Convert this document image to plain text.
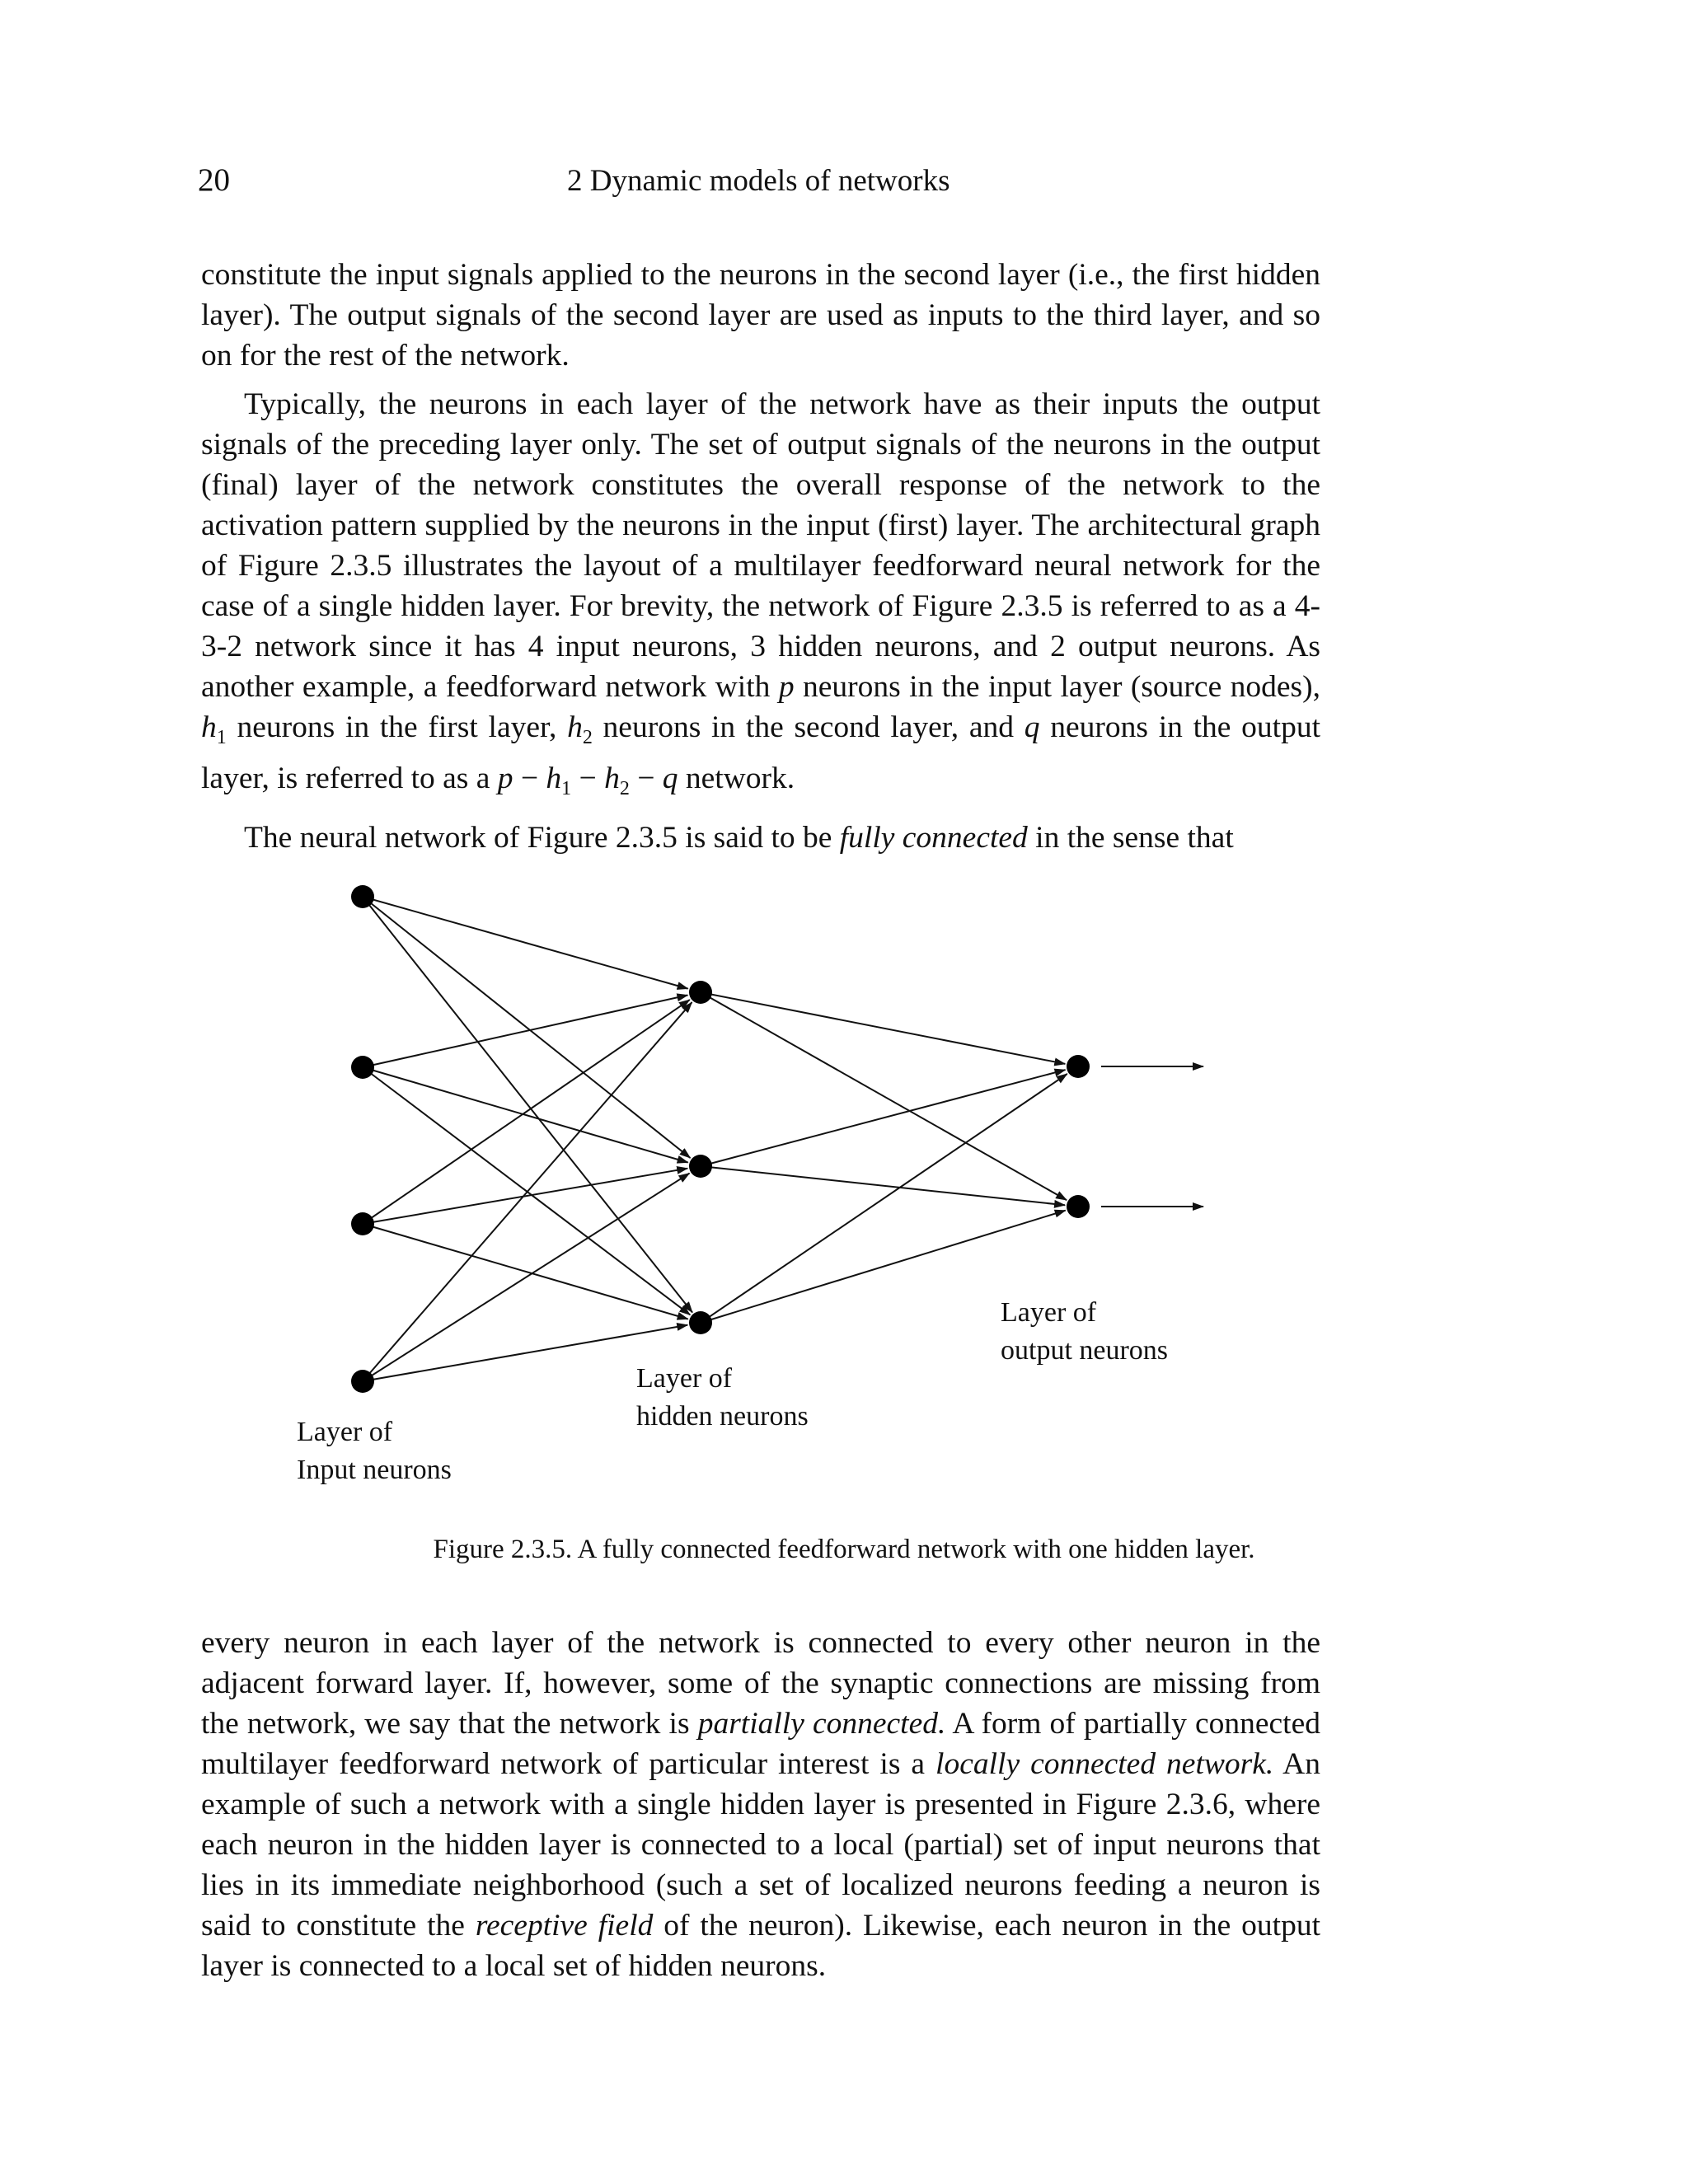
20	2 Dynamic models of networks

constitute the input signals applied to the neurons in the second layer (i.e., the first hidden layer). The output signals of the second layer are used as inputs to the third layer, and so on for the rest of the network.

Typically, the neurons in each layer of the network have as their inputs the output signals of the preceding layer only. The set of output signals of the neurons in the output (final) layer of the network constitutes the overall response of the network to the activation pattern supplied by the neurons in the input (first) layer. The architectural graph of Figure 2.3.5 illustrates the layout of a multilayer feedforward neural network for the case of a single hidden layer. For brevity, the network of Figure 2.3.5 is referred to as a 4-3-2 network since it has 4 input neurons, 3 hidden neurons, and 2 output neurons. As another example, a feedforward network with p neurons in the input layer (source nodes), $h_1$ neurons in the first layer, $h_2$ neurons in the second layer, and q neurons in the output layer, is referred to as a $p - h_1 - h_2 - q$ network.

The neural network of Figure 2.3.5 is said to be fully connected in the sense that

Layer of
Input neurons
Layer of
hidden neurons
Layer of
output neurons
Figure 2.3.5. A fully connected feedforward network with one hidden layer.

every neuron in each layer of the network is connected to every other neuron in the adjacent forward layer. If, however, some of the synaptic connections are missing from the network, we say that the network is partially connected. A form of partially connected multilayer feedforward network of particular interest is a locally connected network. An example of such a network with a single hidden layer is presented in Figure 2.3.6, where each neuron in the hidden layer is connected to a local (partial) set of input neurons that lies in its immediate neighborhood (such a set of localized neurons feeding a neuron is said to constitute the receptive field of the neuron). Likewise, each neuron in the output layer is connected to a local set of hidden neurons.
